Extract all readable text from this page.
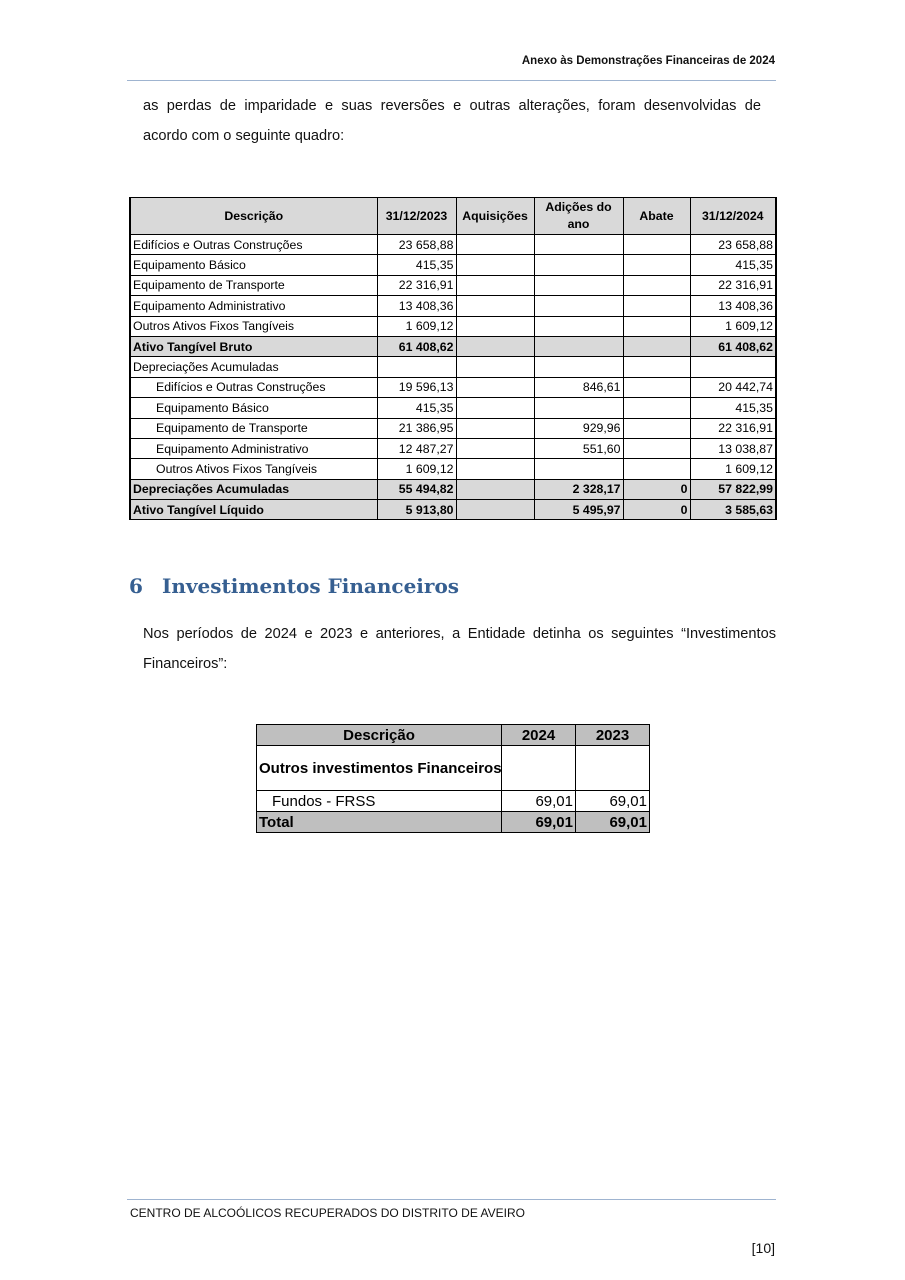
Anexo às Demonstrações Financeiras de 2024
as perdas de imparidade e suas reversões e outras alterações, foram desenvolvidas de
acordo com o seguinte quadro:
Descrição	31/12/2023	Aquisições	Adições do ano	Abate	31/12/2024
Edifícios e Outras Construções	23 658,88				23 658,88
Equipamento Básico	415,35				415,35
Equipamento de Transporte	22 316,91				22 316,91
Equipamento Administrativo	13 408,36				13 408,36
Outros Ativos Fixos Tangíveis	1 609,12				1 609,12
Ativo Tangível Bruto	61 408,62				61 408,62
Depreciações Acumuladas					
Edifícios e Outras Construções	19 596,13		846,61		20 442,74
Equipamento Básico	415,35				415,35
Equipamento de Transporte	21 386,95		929,96		22 316,91
Equipamento Administrativo	12 487,27		551,60		13 038,87
Outros Ativos Fixos Tangíveis	1 609,12				1 609,12
Depreciações Acumuladas	55 494,82		2 328,17	0	57 822,99
Ativo Tangível Líquido	5 913,80		5 495,97	0	3 585,63
6 Investimentos Financeiros
Nos períodos de 2024 e 2023 e anteriores, a Entidade detinha os seguintes “Investimentos
Financeiros”:
Descrição	2024	2023
Outros investimentos Financeiros		
Fundos - FRSS	69,01	69,01
Total	69,01	69,01
CENTRO DE ALCOÓLICOS RECUPERADOS DO DISTRITO DE AVEIRO
[10]
